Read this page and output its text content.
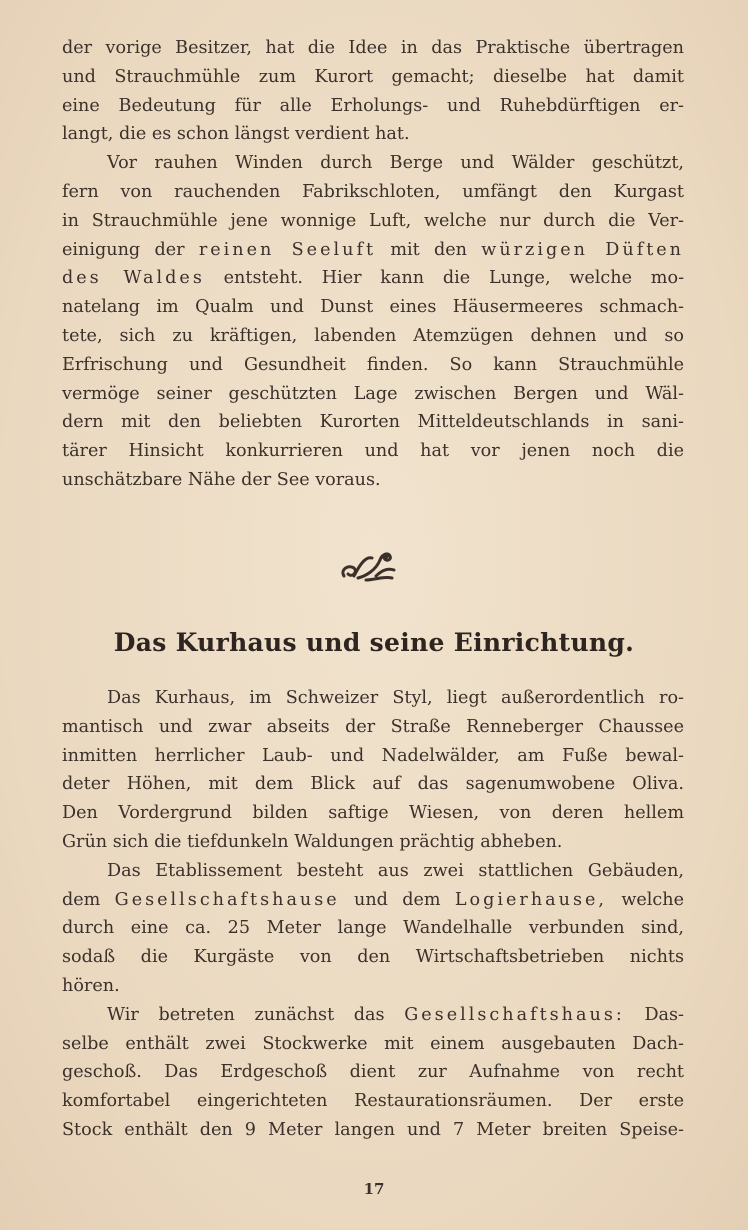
der vorige Besitzer, hat die Idee in das Praktische übertragen
und Strauchmühle zum Kurort gemacht; dieselbe hat damit
eine Bedeutung für alle Erholungs- und Ruhebdürftigen er-
langt, die es schon längst verdient hat.

Vor rauhen Winden durch Berge und Wälder geschützt,
fern von rauchenden Fabrikschloten, umfängt den Kurgast
in Strauchmühle jene wonnige Luft, welche nur durch die Ver-
einigung der reinen Seeluft mit den würzigen Düften
des Waldes entsteht. Hier kann die Lunge, welche mo-
natelang im Qualm und Dunst eines Häusermeeres schmach-
tete, sich zu kräftigen, labenden Atemzügen dehnen und so
Erfrischung und Gesundheit finden. So kann Strauchmühle
vermöge seiner geschützten Lage zwischen Bergen und Wäl-
dern mit den beliebten Kurorten Mitteldeutschlands in sani-
tärer Hinsicht konkurrieren und hat vor jenen noch die
unschätzbare Nähe der See voraus.

Das Kurhaus und seine Einrichtung.

Das Kurhaus, im Schweizer Styl, liegt außerordentlich ro-
mantisch und zwar abseits der Straße Renneberger Chaussee
inmitten herrlicher Laub- und Nadelwälder, am Fuße bewal-
deter Höhen, mit dem Blick auf das sagenumwobene Oliva.
Den Vordergrund bilden saftige Wiesen, von deren hellem
Grün sich die tiefdunkeln Waldungen prächtig abheben.

Das Etablissement besteht aus zwei stattlichen Gebäuden,
dem Gesellschaftshause und dem Logierhause, welche
durch eine ca. 25 Meter lange Wandelhalle verbunden sind,
sodaß die Kurgäste von den Wirtschaftsbetrieben nichts
hören.

Wir betreten zunächst das Gesellschaftshaus: Das-
selbe enthält zwei Stockwerke mit einem ausgebauten Dach-
geschoß. Das Erdgeschoß dient zur Aufnahme von recht
komfortabel eingerichteten Restaurationsräumen. Der erste
Stock enthält den 9 Meter langen und 7 Meter breiten Speise-

17
